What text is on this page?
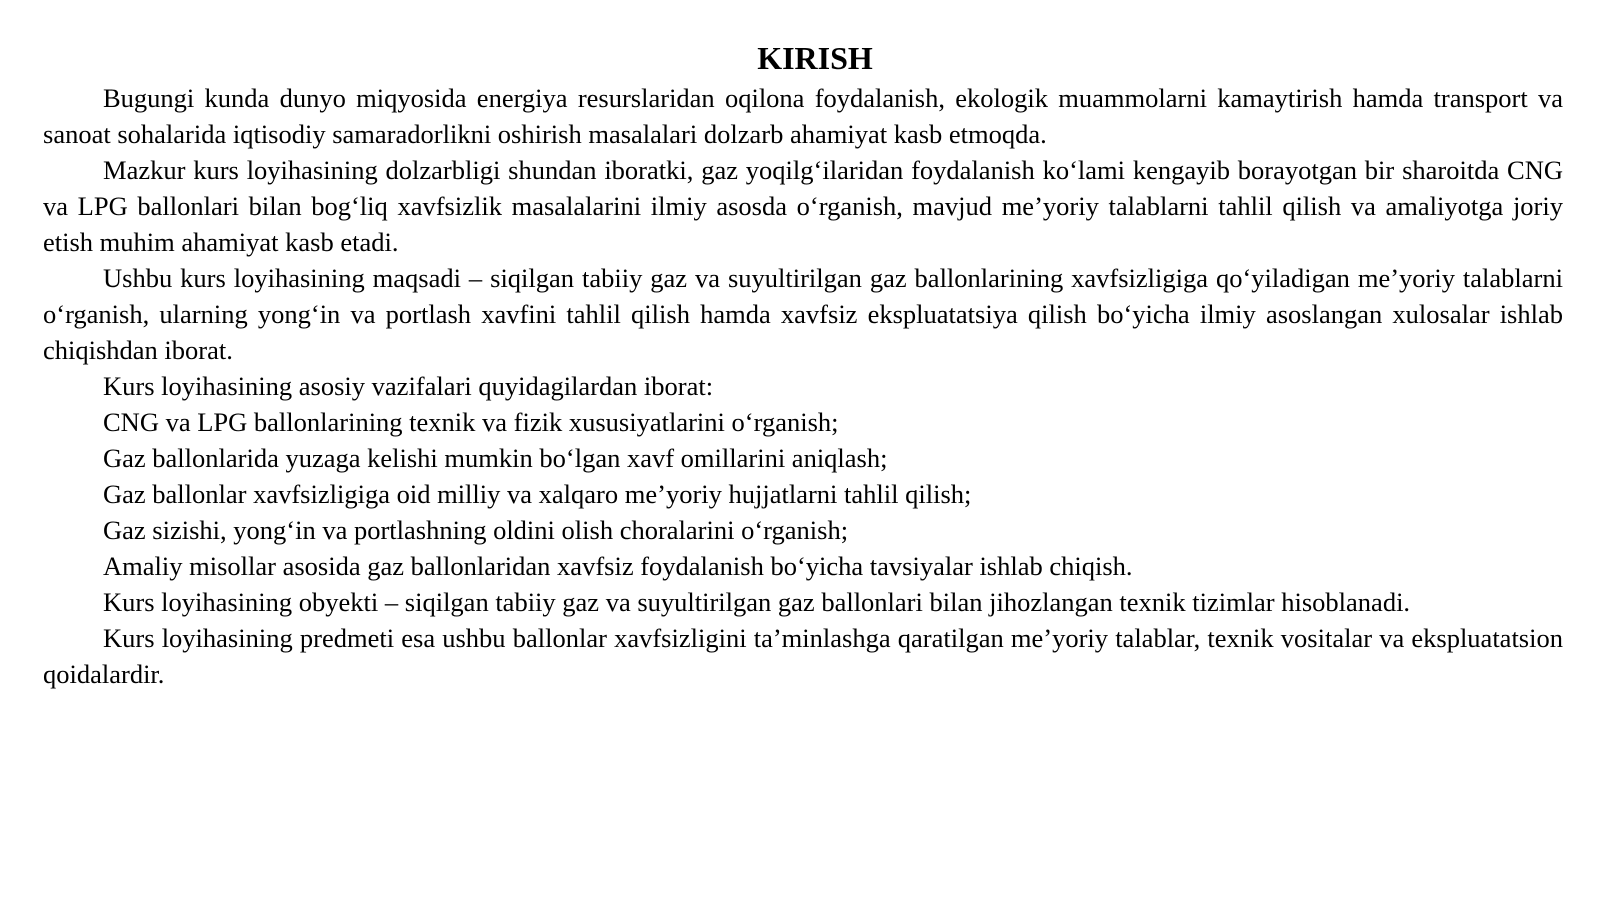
KIRISH

Bugungi kunda dunyo miqyosida energiya resurslaridan oqilona foydalanish, ekologik muammolarni kamaytirish hamda transport va sanoat sohalarida iqtisodiy samaradorlikni oshirish masalalari dolzarb ahamiyat kasb etmoqda.

Mazkur kurs loyihasining dolzarbligi shundan iboratki, gaz yoqilg‘ilaridan foydalanish ko‘lami kengayib borayotgan bir sharoitda CNG va LPG ballonlari bilan bog‘liq xavfsizlik masalalarini ilmiy asosda o‘rganish, mavjud me’yoriy talablarni tahlil qilish va amaliyotga joriy etish muhim ahamiyat kasb etadi.

Ushbu kurs loyihasining maqsadi – siqilgan tabiiy gaz va suyultirilgan gaz ballonlarining xavfsizligiga qo‘yiladigan me’yoriy talablarni o‘rganish, ularning yong‘in va portlash xavfini tahlil qilish hamda xavfsiz ekspluatatsiya qilish bo‘yicha ilmiy asoslangan xulosalar ishlab chiqishdan iborat.

Kurs loyihasining asosiy vazifalari quyidagilardan iborat:

CNG va LPG ballonlarining texnik va fizik xususiyatlarini o‘rganish;

Gaz ballonlarida yuzaga kelishi mumkin bo‘lgan xavf omillarini aniqlash;

Gaz ballonlar xavfsizligiga oid milliy va xalqaro me’yoriy hujjatlarni tahlil qilish;

Gaz sizishi, yong‘in va portlashning oldini olish choralarini o‘rganish;

Amaliy misollar asosida gaz ballonlaridan xavfsiz foydalanish bo‘yicha tavsiyalar ishlab chiqish.

Kurs loyihasining obyekti – siqilgan tabiiy gaz va suyultirilgan gaz ballonlari bilan jihozlangan texnik tizimlar hisoblanadi.

Kurs loyihasining predmeti esa ushbu ballonlar xavfsizligini ta’minlashga qaratilgan me’yoriy talablar, texnik vositalar va ekspluatatsion qoidalardir.
